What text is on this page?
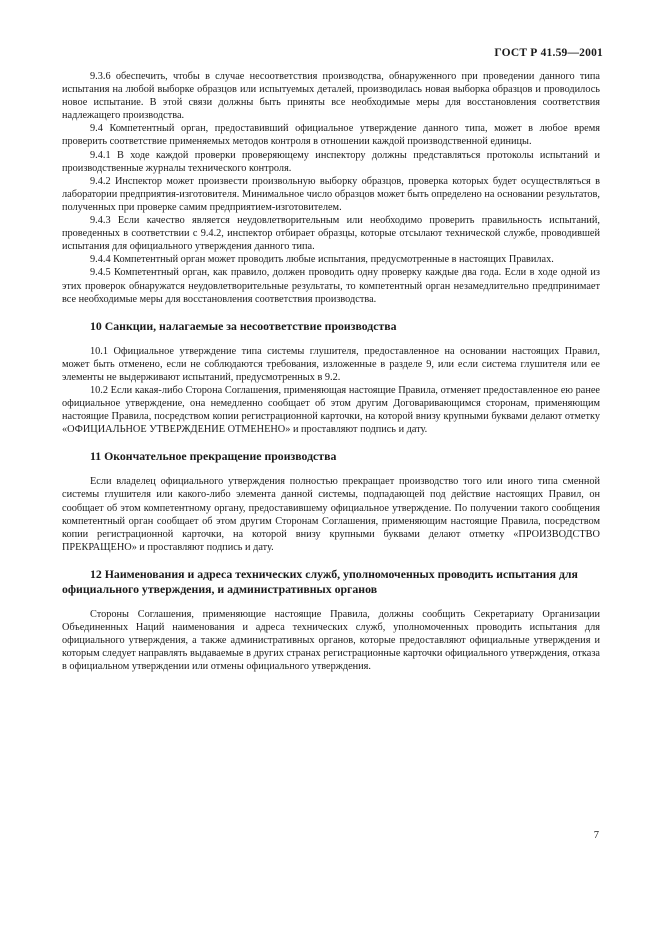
ГОСТ Р 41.59—2001

9.3.6 обеспечить, чтобы в случае несоответствия производства, обнаруженного при проведении данного типа испытания на любой выборке образцов или испытуемых деталей, производилась новая выборка образцов и проводилось новое испытание. В этой связи должны быть приняты все необходимые меры для восстановления соответствия надлежащего производства.

9.4 Компетентный орган, предоставивший официальное утверждение данного типа, может в любое время проверить соответствие применяемых методов контроля в отношении каждой производственной единицы.

9.4.1 В ходе каждой проверки проверяющему инспектору должны представляться протоколы испытаний и производственные журналы технического контроля.

9.4.2 Инспектор может произвести произвольную выборку образцов, проверка которых будет осуществляться в лаборатории предприятия-изготовителя. Минимальное число образцов может быть определено на основании результатов, полученных при проверке самим предприятием-изготовителем.

9.4.3 Если качество является неудовлетворительным или необходимо проверить правильность испытаний, проведенных в соответствии с 9.4.2, инспектор отбирает образцы, которые отсылают технической службе, проводившей испытания для официального утверждения данного типа.

9.4.4 Компетентный орган может проводить любые испытания, предусмотренные в настоящих Правилах.

9.4.5 Компетентный орган, как правило, должен проводить одну проверку каждые два года. Если в ходе одной из этих проверок обнаружатся неудовлетворительные результаты, то компетентный орган незамедлительно предпринимает все необходимые меры для восстановления соответствия производства.

10 Санкции, налагаемые за несоответствие производства

10.1 Официальное утверждение типа системы глушителя, предоставленное на основании настоящих Правил, может быть отменено, если не соблюдаются требования, изложенные в разделе 9, или если система глушителя или ее элементы не выдерживают испытаний, предусмотренных в 9.2.

10.2 Если какая-либо Сторона Соглашения, применяющая настоящие Правила, отменяет предоставленное ею ранее официальное утверждение, она немедленно сообщает об этом другим Договаривающимся сторонам, применяющим настоящие Правила, посредством копии регистрационной карточки, на которой внизу крупными буквами делают отметку «ОФИЦИАЛЬНОЕ УТВЕРЖДЕНИЕ ОТМЕНЕНО» и проставляют подпись и дату.

11 Окончательное прекращение производства

Если владелец официального утверждения полностью прекращает производство того или иного типа сменной системы глушителя или какого-либо элемента данной системы, подпадающей под действие настоящих Правил, он сообщает об этом компетентному органу, предоставившему официальное утверждение. По получении такого сообщения компетентный орган сообщает об этом другим Сторонам Соглашения, применяющим настоящие Правила, посредством копии регистрационной карточки, на которой внизу крупными буквами делают отметку «ПРОИЗВОДСТВО ПРЕКРАЩЕНО» и проставляют подпись и дату.

12 Наименования и адреса технических служб, уполномоченных проводить испытания для официального утверждения, и административных органов

Стороны Соглашения, применяющие настоящие Правила, должны сообщить Секретариату Организации Объединенных Наций наименования и адреса технических служб, уполномоченных проводить испытания для официального утверждения, а также административных органов, которые предоставляют официальные утверждения и которым следует направлять выдаваемые в других странах регистрационные карточки официального утверждения, отказа в официальном утверждении или отмены официального утверждения.

7
